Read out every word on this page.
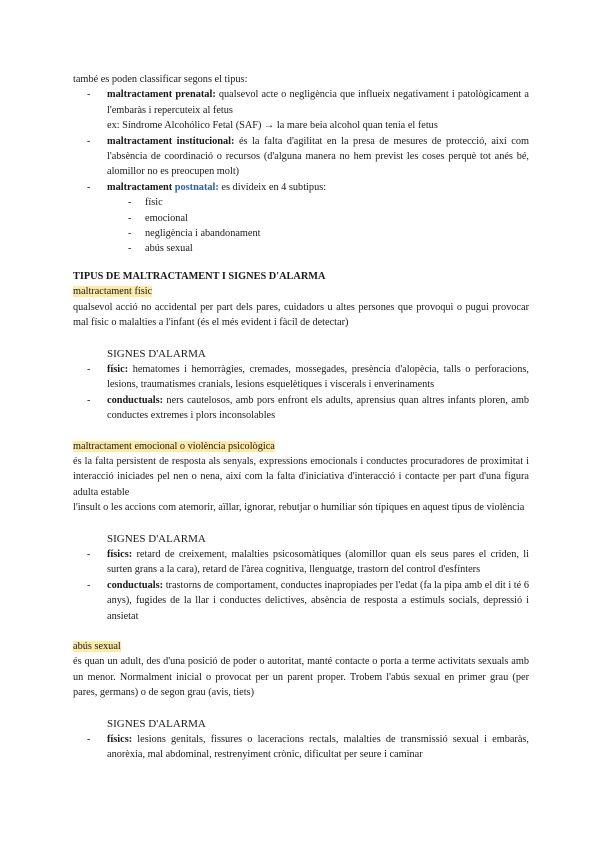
també es poden classificar segons el tipus:

- maltractament prenatal: qualsevol acte o negligència que influeix negativament i patològicament a l'embaràs i repercuteix al fetus
ex: Síndrome Alcohólico Fetal (SAF) → la mare beia alcohol quan tenia el fetus
- maltractament institucional: és la falta d'agilitat en la presa de mesures de protecció, així com l'absència de coordinació o recursos (d'alguna manera no hem previst les coses perquè tot anés bé, alomillor no es preocupen molt)
- maltractament postnatal: es divideix en 4 subtipus:
- físic
- emocional
- negligència i abandonament
- abús sexual
TIPUS DE MALTRACTAMENT I SIGNES D'ALARMA
maltractament físic

qualsevol acció no accidental per part dels pares, cuidadors u altes persones que provoqui o pugui provocar mal físic o malalties a l'infant (és el més evident i fàcil de detectar)

SIGNES D'ALARMA
- físic: hematomes i hemorràgies, cremades, mossegades, presència d'alopècia, talls o perforacions, lesions, traumatismes cranials, lesions esquelètiques i viscerals i enverinaments
- conductuals: ners cautelosos, amb pors enfront els adults, aprensius quan altres infants ploren, amb conductes extremes i plors inconsolables
maltractament emocional o violència psicològica

és la falta persistent de resposta als senyals, expressions emocionals i conductes procuradores de proximitat i interacció iniciades pel nen o nena, així com la falta d'iniciativa d'interacció i contacte per part d'una figura adulta estable

l'insult o les accions com atemorir, aïllar, ignorar, rebutjar o humiliar són típiques en aquest tipus de violència

SIGNES D'ALARMA
- físics: retard de creixement, malalties psicosomàtiques (alomillor quan els seus pares el criden, li surten grans a la cara), retard de l'àrea cognitiva, llenguatge, trastorn del control d'esfínters
- conductuals: trastorns de comportament, conductes inapropiades per l'edat (fa la pipa amb el dit i té 6 anys), fugides de la llar i conductes delictives, absència de resposta a estímuls socials, depressió i ansietat
abús sexual

és quan un adult, des d'una posició de poder o autoritat, manté contacte o porta a terme activitats sexuals amb un menor. Normalment inicial o provocat per un parent proper. Trobem l'abús sexual en primer grau (per pares, germans) o de segon grau (avis, tiets)

SIGNES D'ALARMA
- físics: lesions genitals, fissures o laceracions rectals, malalties de transmissió sexual i embaràs, anorèxia, mal abdominal, restrenyiment crònic, dificultat per seure i caminar
